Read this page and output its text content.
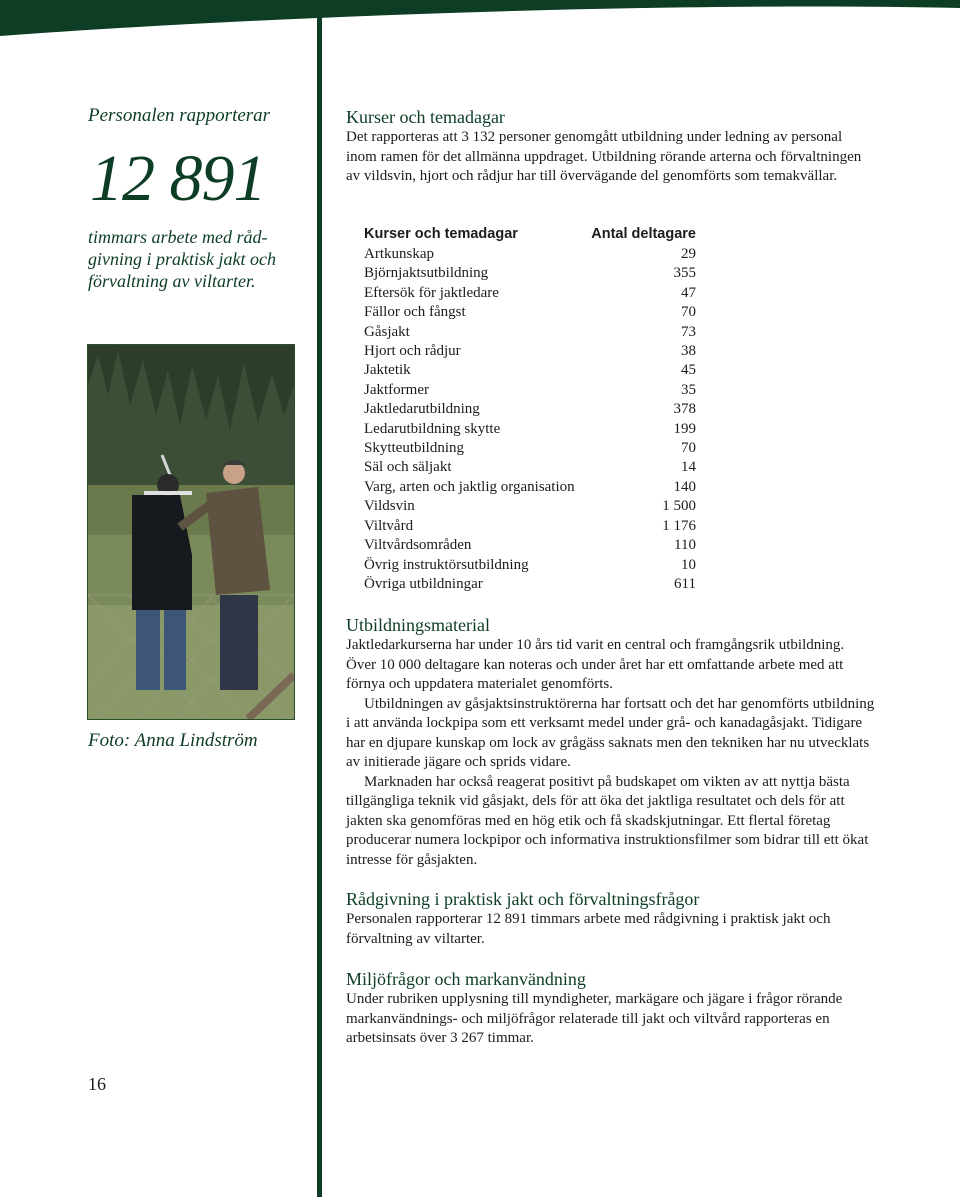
Personalen rapporterar

12 891

timmars arbete med råd-givning i praktisk jakt och förvaltning av viltarter.

Foto: Anna Lindström

16

Kurser och temadagar

Det rapporteras att 3 132 personer genomgått utbildning under ledning av personal inom ramen för det allmänna uppdraget. Utbildning rörande arterna och förvaltningen av vildsvin, hjort och rådjur har till övervägande del genomförts som temakvällar.

Kurser och temadagar	Antal deltagare
Artkunskap	29
Björnjaktsutbildning	355
Eftersök för jaktledare	47
Fällor och fångst	70
Gåsjakt	73
Hjort och rådjur	38
Jaktetik	45
Jaktformer	35
Jaktledarutbildning	378
Ledarutbildning skytte	199
Skytteutbildning	70
Säl och säljakt	14
Varg, arten och jaktlig organisation	140
Vildsvin	1 500
Viltvård	1 176
Viltvårdsområden	110
Övrig instruktörsutbildning	10
Övriga utbildningar	611
Utbildningsmaterial

Jaktledarkurserna har under 10 års tid varit en central och framgångsrik utbildning. Över 10 000 deltagare kan noteras och under året har ett omfattande arbete med att förnya och uppdatera materialet genomförts.

Utbildningen av gåsjaktsinstruktörerna har fortsatt och det har genomförts utbildning i att använda lockpipa som ett verksamt medel under grå- och kanadagåsjakt. Tidigare har en djupare kunskap om lock av grågäss saknats men den tekniken har nu utvecklats av initierade jägare och sprids vidare.

Marknaden har också reagerat positivt på budskapet om vikten av att nyttja bästa tillgängliga teknik vid gåsjakt, dels för att öka det jaktliga resultatet och dels för att jakten ska genomföras med en hög etik och få skadskjutningar. Ett flertal företag producerar numera lockpipor och informativa instruktionsfilmer som bidrar till ett ökat intresse för gåsjakten.

Rådgivning i praktisk jakt och förvaltningsfrågor

Personalen rapporterar 12 891 timmars arbete med rådgivning i praktisk jakt och förvaltning av viltarter.

Miljöfrågor och markanvändning

Under rubriken upplysning till myndigheter, markägare och jägare i frågor rörande markanvändnings- och miljöfrågor relaterade till jakt och viltvård rapporteras en arbetsinsats över 3 267 timmar.
